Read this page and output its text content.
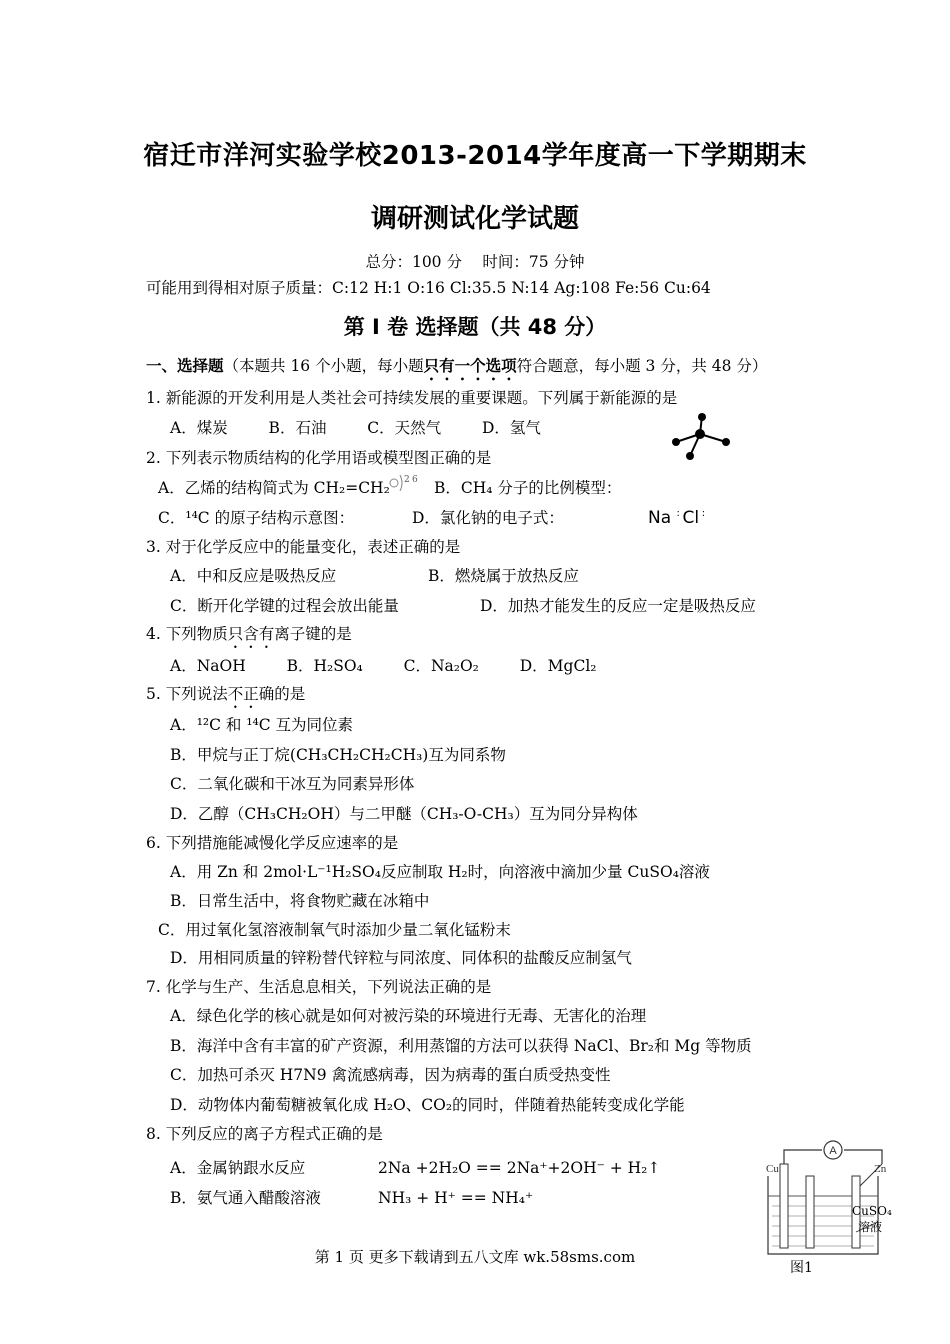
宿迁市洋河实验学校2013-2014学年度高一下学期期末
调研测试化学试题
总分：100 分 　时间：75 分钟
可能用到得相对原子质量：C:12 H:1 O:16 Cl:35.5 N:14 Ag:108 Fe:56 Cu:64
第 Ⅰ 卷 选择题（共 48 分）
一、选择题（本题共 16 个小题，每小题只有一个选项符合题意，每小题 3 分，共 48 分）
1. 新能源的开发利用是人类社会可持续发展的重要课题。下列属于新能源的是
A．煤炭 　　 B．石油 　　 C．天然气 　　 D．氢气
2. 下列表示物质结构的化学用语或模型图正确的是
A．乙烯的结构简式为 CH₂=CH₂ 2 6 B．CH₄ 分子的比例模型：
C．¹⁴C 的原子结构示意图：	D．氯化钠的电子式：	Na : Cl :
3. 对于化学反应中的能量变化，表述正确的是
A．中和反应是吸热反应	B．燃烧属于放热反应
C．断开化学键的过程会放出能量	D．加热才能发生的反应一定是吸热反应
4. 下列物质只含有离子键的是
A．NaOH 　　 B．H₂SO₄ 　　 C．Na₂O₂ 　　 D．MgCl₂
5. 下列说法不正确的是
A．¹²C 和 ¹⁴C 互为同位素
B．甲烷与正丁烷(CH₃CH₂CH₂CH₃)互为同系物
C．二氧化碳和干冰互为同素异形体
D．乙醇（CH₃CH₂OH）与二甲醚（CH₃-O-CH₃）互为同分异构体
6. 下列措施能减慢化学反应速率的是
A．用 Zn 和 2mol·L⁻¹H₂SO₄反应制取 H₂时，向溶液中滴加少量 CuSO₄溶液
B．日常生活中，将食物贮藏在冰箱中
C．用过氧化氢溶液制氧气时添加少量二氧化锰粉末
D．用相同质量的锌粉替代锌粒与同浓度、同体积的盐酸反应制氢气
7. 化学与生产、生活息息相关，下列说法正确的是
A．绿色化学的核心就是如何对被污染的环境进行无毒、无害化的治理
B．海洋中含有丰富的矿产资源，利用蒸馏的方法可以获得 NaCl、Br₂和 Mg 等物质
C．加热可杀灭 H7N9 禽流感病毒，因为病毒的蛋白质受热变性
D．动物体内葡萄糖被氧化成 H₂O、CO₂的同时，伴随着热能转变成化学能
8. 下列反应的离子方程式正确的是
A．金属钠跟水反应	2Na +2H₂O == 2Na⁺+2OH⁻ + H₂↑
B．氨气通入醋酸溶液	NH₃ + H⁺ == NH₄⁺
A
Cu	Zn
CuSO₄
溶液
图1
第 1 页 更多下载请到五八文库 wk.58sms.com
